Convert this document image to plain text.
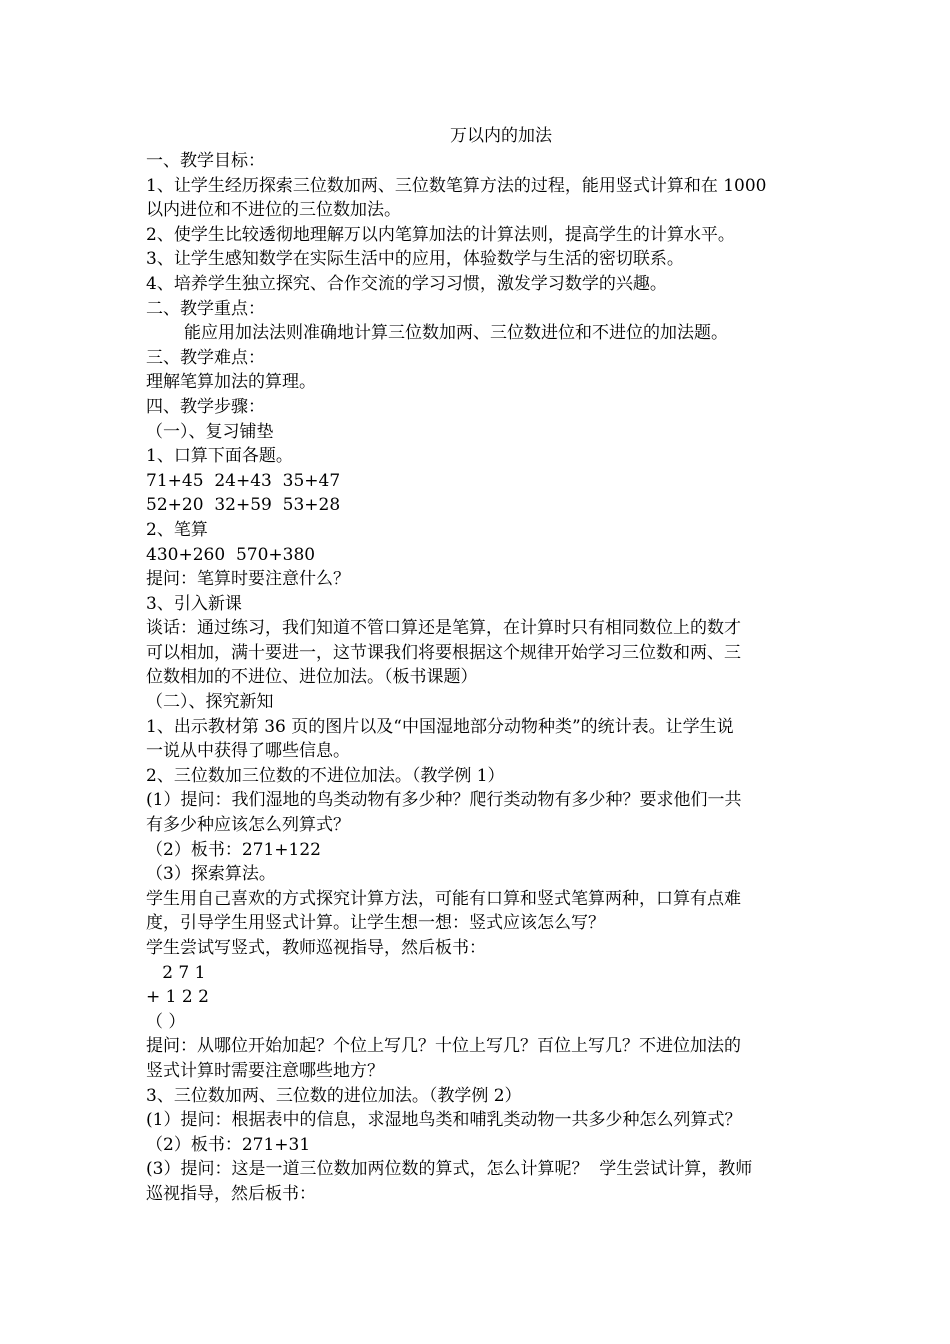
万以内的加法
一、教学目标：
1、让学生经历探索三位数加两、三位数笔算方法的过程，能用竖式计算和在 1000
以内进位和不进位的三位数加法。
2、使学生比较透彻地理解万以内笔算加法的计算法则，提高学生的计算水平。
3、让学生感知数学在实际生活中的应用，体验数学与生活的密切联系。
4、培养学生独立探究、合作交流的学习习惯，激发学习数学的兴趣。
二、教学重点：
能应用加法法则准确地计算三位数加两、三位数进位和不进位的加法题。
三、教学难点：
理解笔算加法的算理。
四、教学步骤：
（一）、复习铺垫
1、口算下面各题。
71+45  24+43  35+47
52+20  32+59  53+28
2、笔算
430+260  570+380
提问：笔算时要注意什么？
3、引入新课
谈话：通过练习，我们知道不管口算还是笔算，在计算时只有相同数位上的数才
可以相加，满十要进一，这节课我们将要根据这个规律开始学习三位数和两、三
位数相加的不进位、进位加法。（板书课题）
（二）、探究新知
1、出示教材第 36 页的图片以及“中国湿地部分动物种类”的统计表。让学生说
一说从中获得了哪些信息。
2、三位数加三位数的不进位加法。（教学例 1）
(1）提问：我们湿地的鸟类动物有多少种？爬行类动物有多少种？要求他们一共
有多少种应该怎么列算式？
（2）板书：271+122
（3）探索算法。
学生用自己喜欢的方式探究计算方法，可能有口算和竖式笔算两种，口算有点难
度，引导学生用竖式计算。让学生想一想：竖式应该怎么写？
学生尝试写竖式，教师巡视指导，然后板书：
2 7 1
+ 1 2 2
（ ）
提问：从哪位开始加起？个位上写几？十位上写几？百位上写几？不进位加法的
竖式计算时需要注意哪些地方？
3、三位数加两、三位数的进位加法。（教学例 2）
(1）提问：根据表中的信息，求湿地鸟类和哺乳类动物一共多少种怎么列算式？
（2）板书：271+31
(3）提问：这是一道三位数加两位数的算式，怎么计算呢？  学生尝试计算，教师
巡视指导，然后板书：
